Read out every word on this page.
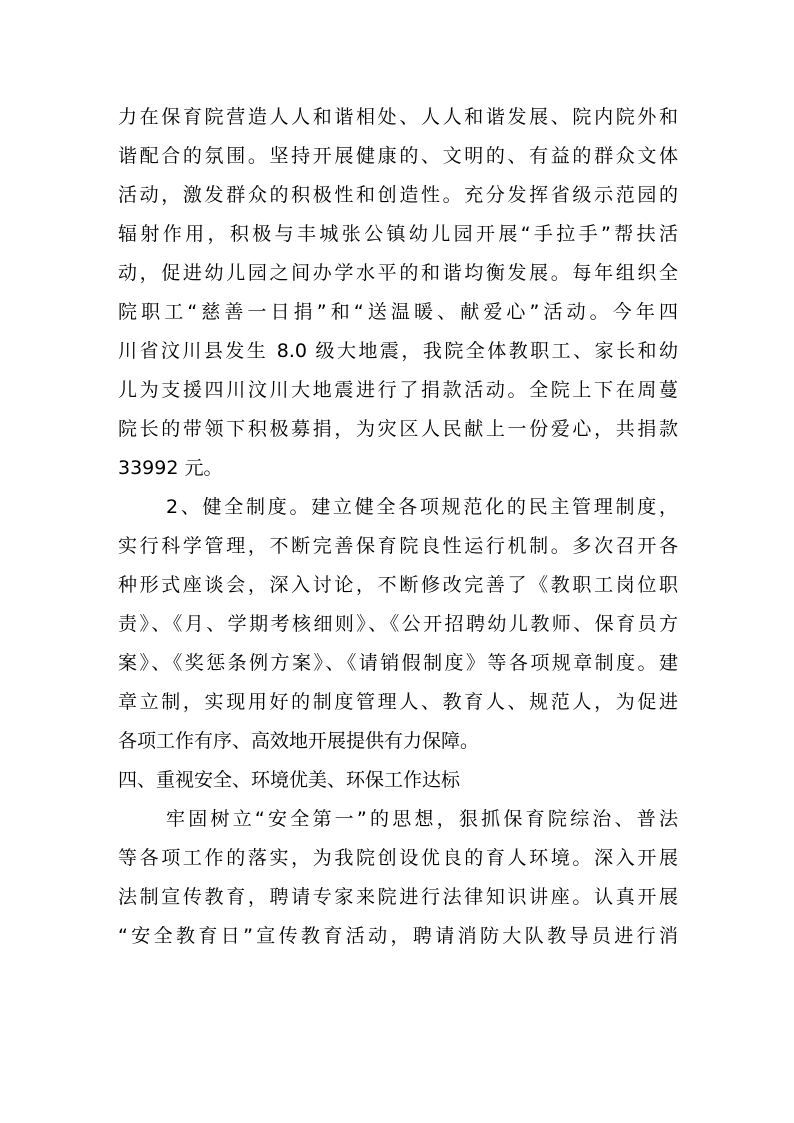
力在保育院营造人人和谐相处、人人和谐发展、院内院外和
谐配合的氛围。坚持开展健康的、文明的、有益的群众文体
活动，激发群众的积极性和创造性。充分发挥省级示范园的
辐射作用，积极与丰城张公镇幼儿园开展“手拉手”帮扶活
动，促进幼儿园之间办学水平的和谐均衡发展。每年组织全
院职工“慈善一日捐”和“送温暖、献爱心”活动。今年四
川省汶川县发生 8.0 级大地震，我院全体教职工、家长和幼
儿为支援四川汶川大地震进行了捐款活动。全院上下在周蔓
院长的带领下积极募捐，为灾区人民献上一份爱心，共捐款
33992 元。
2、健全制度。建立健全各项规范化的民主管理制度，
实行科学管理，不断完善保育院良性运行机制。多次召开各
种形式座谈会，深入讨论，不断修改完善了《教职工岗位职
责》、《月、学期考核细则》、《公开招聘幼儿教师、保育员方
案》、《奖惩条例方案》、《请销假制度》等各项规章制度。建
章立制，实现用好的制度管理人、教育人、规范人，为促进
各项工作有序、高效地开展提供有力保障。
四、重视安全、环境优美、环保工作达标
牢固树立“安全第一”的思想，狠抓保育院综治、普法
等各项工作的落实，为我院创设优良的育人环境。深入开展
法制宣传教育，聘请专家来院进行法律知识讲座。认真开展
“安全教育日”宣传教育活动，聘请消防大队教导员进行消
